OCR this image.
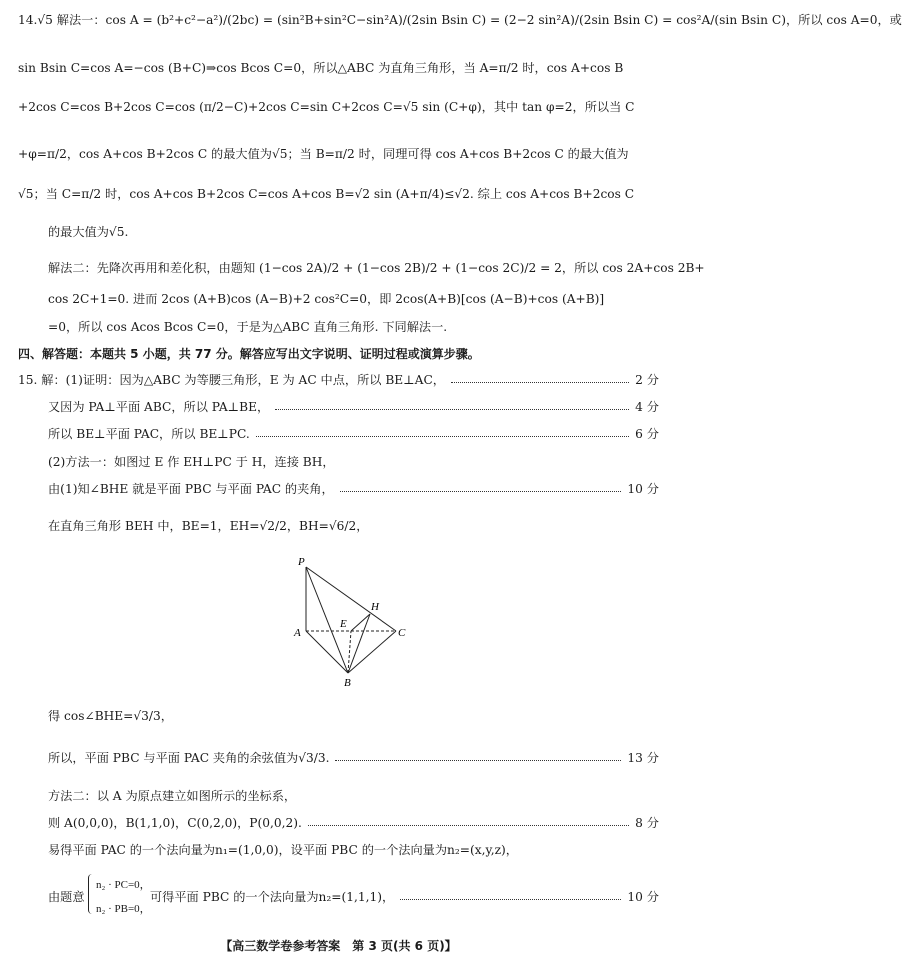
14.√5 解法一：cos A = (b²+c²−a²)/(2bc) = (sin²B+sin²C−sin²A)/(2sin Bsin C) = (2−2 sin²A)/(2sin Bsin C) = cos²A/(sin Bsin C)，所以 cos A=0，或
sin Bsin C=cos A=−cos (B+C)⇒cos Bcos C=0，所以△ABC 为直角三角形，当 A=π/2 时，cos A+cos B
+2cos C=cos B+2cos C=cos (π/2−C)+2cos C=sin C+2cos C=√5 sin (C+φ)，其中 tan φ=2，所以当 C
+φ=π/2，cos A+cos B+2cos C 的最大值为√5；当 B=π/2 时，同理可得 cos A+cos B+2cos C 的最大值为
√5；当 C=π/2 时，cos A+cos B+2cos C=cos A+cos B=√2 sin (A+π/4)≤√2. 综上 cos A+cos B+2cos C
的最大值为√5.
解法二：先降次再用和差化积，由题知 (1−cos 2A)/2 + (1−cos 2B)/2 + (1−cos 2C)/2 = 2，所以 cos 2A+cos 2B+
cos 2C+1=0. 进而 2cos (A+B)cos (A−B)+2 cos²C=0，即 2cos(A+B)[cos (A−B)+cos (A+B)]
=0，所以 cos Acos Bcos C=0，于是为△ABC 直角三角形. 下同解法一.
四、解答题：本题共 5 小题，共 77 分。解答应写出文字说明、证明过程或演算步骤。
15. 解：(1)证明：因为△ABC 为等腰三角形，E 为 AC 中点，所以 BE⊥AC，	2 分
又因为 PA⊥平面 ABC，所以 PA⊥BE，	4 分
所以 BE⊥平面 PAC，所以 BE⊥PC.	6 分
(2)方法一：如图过 E 作 EH⊥PC 于 H，连接 BH，
由(1)知∠BHE 就是平面 PBC 与平面 PAC 的夹角，	10 分
在直角三角形 BEH 中，BE=1，EH=√2/2，BH=√6/2，
P
H
A
E
C
B
得 cos∠BHE=√3/3，
所以，平面 PBC 与平面 PAC 夹角的余弦值为√3/3.	13 分
方法二：以 A 为原点建立如图所示的坐标系，
则 A(0,0,0)，B(1,1,0)，C(0,2,0)，P(0,0,2).	8 分
易得平面 PAC 的一个法向量为n₁=(1,0,0)，设平面 PBC 的一个法向量为n₂=(x,y,z)，
由题意
n₂ · PC=0，
n₂ · PB=0，
可得平面 PBC 的一个法向量为n₂=(1,1,1)，	10 分
【高三数学卷参考答案　第 3 页(共 6 页)】
